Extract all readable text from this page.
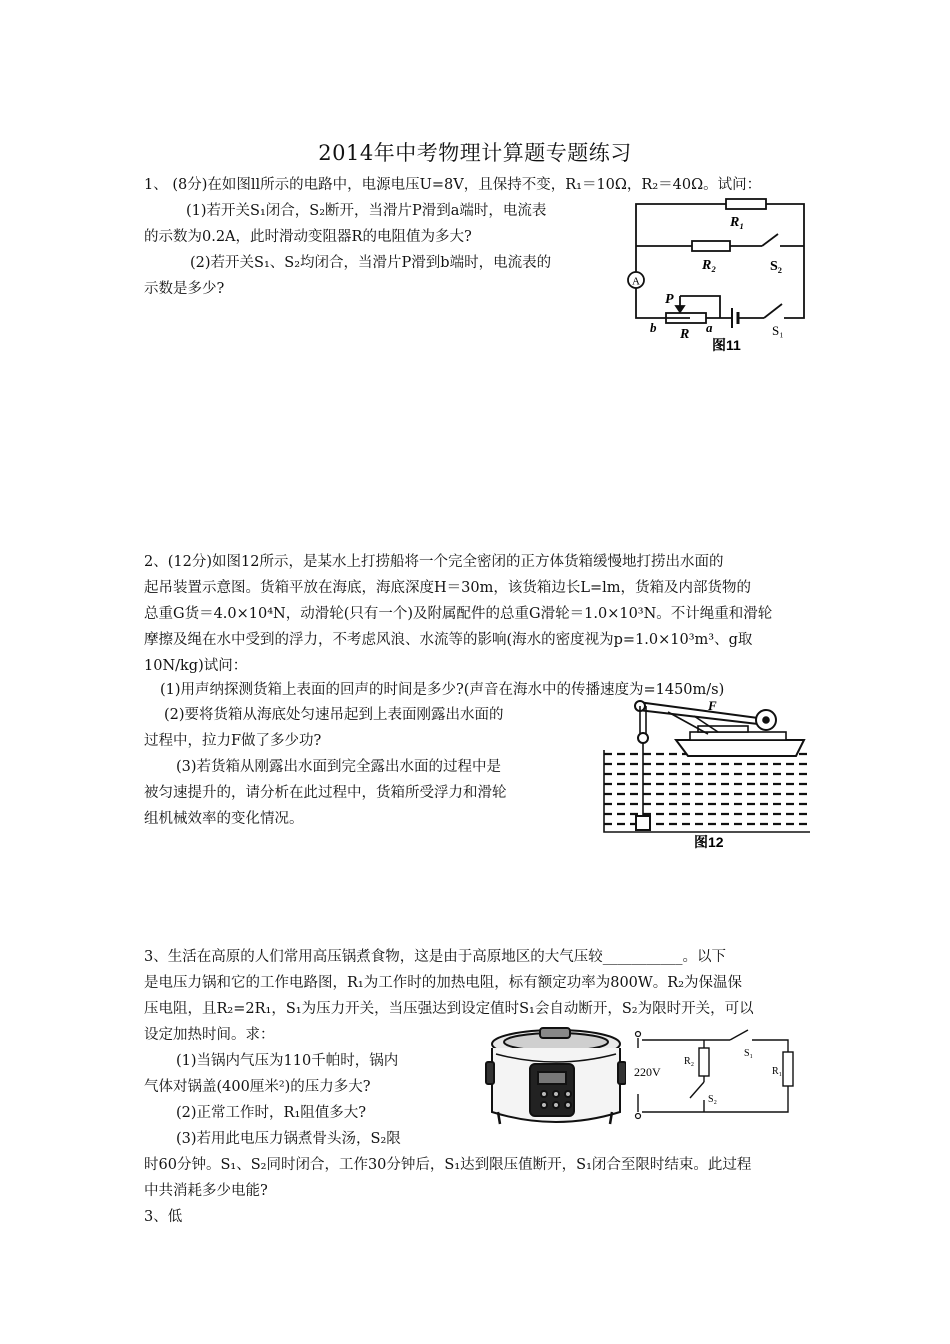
2014年中考物理计算题专题练习
1、 (8分)在如图ll所示的电路中，电源电压U=8V，且保持不变，R₁＝10Ω，R₂＝40Ω。试问：
(1)若开关S₁闭合，S₂断开，当滑片P滑到a端时，电流表
的示数为0.2A，此时滑动变阻器R的电阻值为多大?
(2)若开关S₁、S₂均闭合，当滑片P滑到b端时，电流表的
示数是多少?	A
R₁
R₂	S₂
P
b R a	S₁
图11
2、(12分)如图12所示，是某水上打捞船将一个完全密闭的正方体货箱缓慢地打捞出水面的
起吊装置示意图。货箱平放在海底，海底深度H＝30m，该货箱边长L=lm，货箱及内部货物的
总重G货＝4.0×10⁴N，动滑轮(只有一个)及附属配件的总重G滑轮＝1.0×10³N。不计绳重和滑轮
摩擦及绳在水中受到的浮力，不考虑风浪、水流等的影响(海水的密度视为p=1.0×10³m³、g取
10N/kg)试问：
(1)用声纳探测货箱上表面的回声的时间是多少?(声音在海水中的传播速度为=1450m/s)
(2)要将货箱从海底处匀速吊起到上表面刚露出水面的
过程中，拉力F做了多少功?
(3)若货箱从刚露出水面到完全露出水面的过程中是
被匀速提升的，请分析在此过程中，货箱所受浮力和滑轮
组机械效率的变化情况。
F
图12
3、生活在高原的人们常用高压锅煮食物，这是由于高原地区的大气压较___________。以下
是电压力锅和它的工作电路图，R₁为工作时的加热电阻，标有额定功率为800W。R₂为保温保
压电阻，且R₂=2R₁，S₁为压力开关，当压强达到设定值时S₁会自动断开，S₂为限时开关，可以
设定加热时间。求：
(1)当锅内气压为110千帕时，锅内
气体对锅盖(400厘米²)的压力多大?
(2)正常工作时，R₁阻值多大?
(3)若用此电压力锅煮骨头汤，S₂限
时60分钟。S₁、S₂同时闭合，工作30分钟后，S₁达到限压值断开，S₁闭合至限时结束。此过程
中共消耗多少电能?
3、低
220V
R₂
R₁
S₁
S₂
